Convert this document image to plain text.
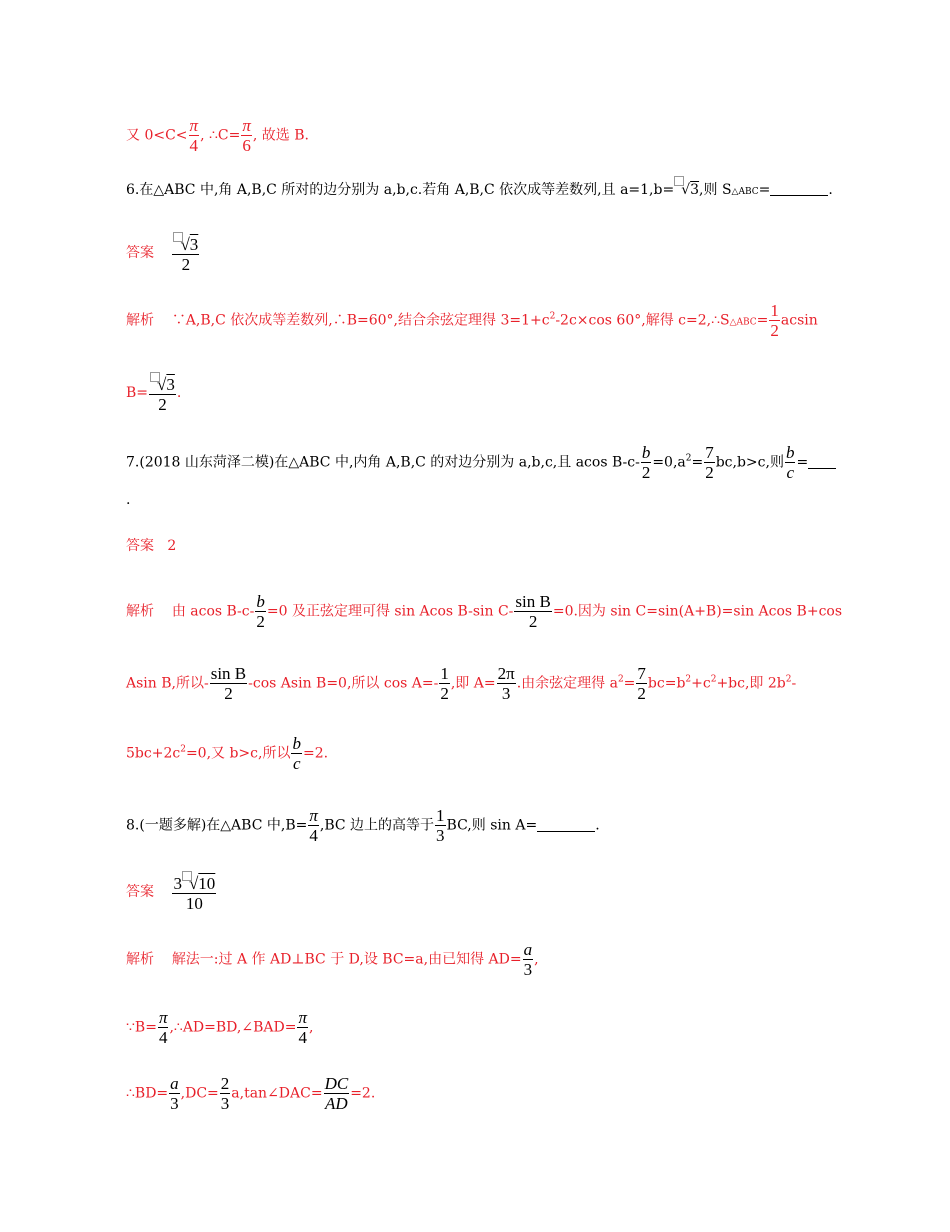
又 $0<C< \frac{\pi}{4}$ , ∴C= $\frac{\pi}{6}$ , 故选 B.
6.在△ABC 中,角 A,B,C 所对的边分别为 a,b,c.若角 A,B,C 依次成等差数列,且 a=1,b= √3,则 S△ABC=	.
答案 $\frac{√3}{2}$
解析 ∵A,B,C 依次成等差数列,∴B=60°,结合余弦定理得 $3=1+c^2-2c\times\cos$ 60°,解得 c=2,∴S△ABC= $\frac{1}{2}$ acsin
$B= \frac{√3}{2}$ .
7.(2018 山东菏泽二模)在△ABC 中,内角 A,B,C 的对边分别为 a,b,c,且 acos $B-c- \frac{b}{2} =0,a^2= \frac{7}{2} bc,b>c$,则 $\frac{b}{c}$ =
.
答案 2
解析 由 acos $B-c- \frac{b}{2} =0$ 及正弦定理可得 sin Acos B-sin $C- \frac{\text{sin B}}{2} =0$.因为 sin C=sin(A+B)=sin Acos B+cos
Asin B,所以- $\frac{\text{sin B}}{2} -\cos$ Asin B=0,所以 $\cos A=- \frac{1}{2}$ ,即 $A= \frac{2\pi}{3}$ .由余弦定理得 $a^2= \frac{7}{2} bc=b^2+c^2+bc$,即 $2b^2-$
$5bc+2c^2=0$,又 b>c,所以 $\frac{b}{c} =2$.
8.(一题多解)在△ABC 中$,B= \frac{\pi}{4} ,BC$ 边上的高等于 $\frac{1}{3}$ BC,则 sin A=	.
答案 $\frac{3 √10}{10}$
解析 解法一:过 A 作 AD⊥BC 于 D,设 BC=a,由已知得 $AD= \frac{a}{3}$ ,
∵B= $\frac{\pi}{4}$ ,∴AD=BD,∠BAD= $\frac{\pi}{4}$ ,
∴BD= $\frac{a}{3} ,DC= \frac{2}{3}$ a,tan∠DAC= $\frac{DC}{AD} =2$.
